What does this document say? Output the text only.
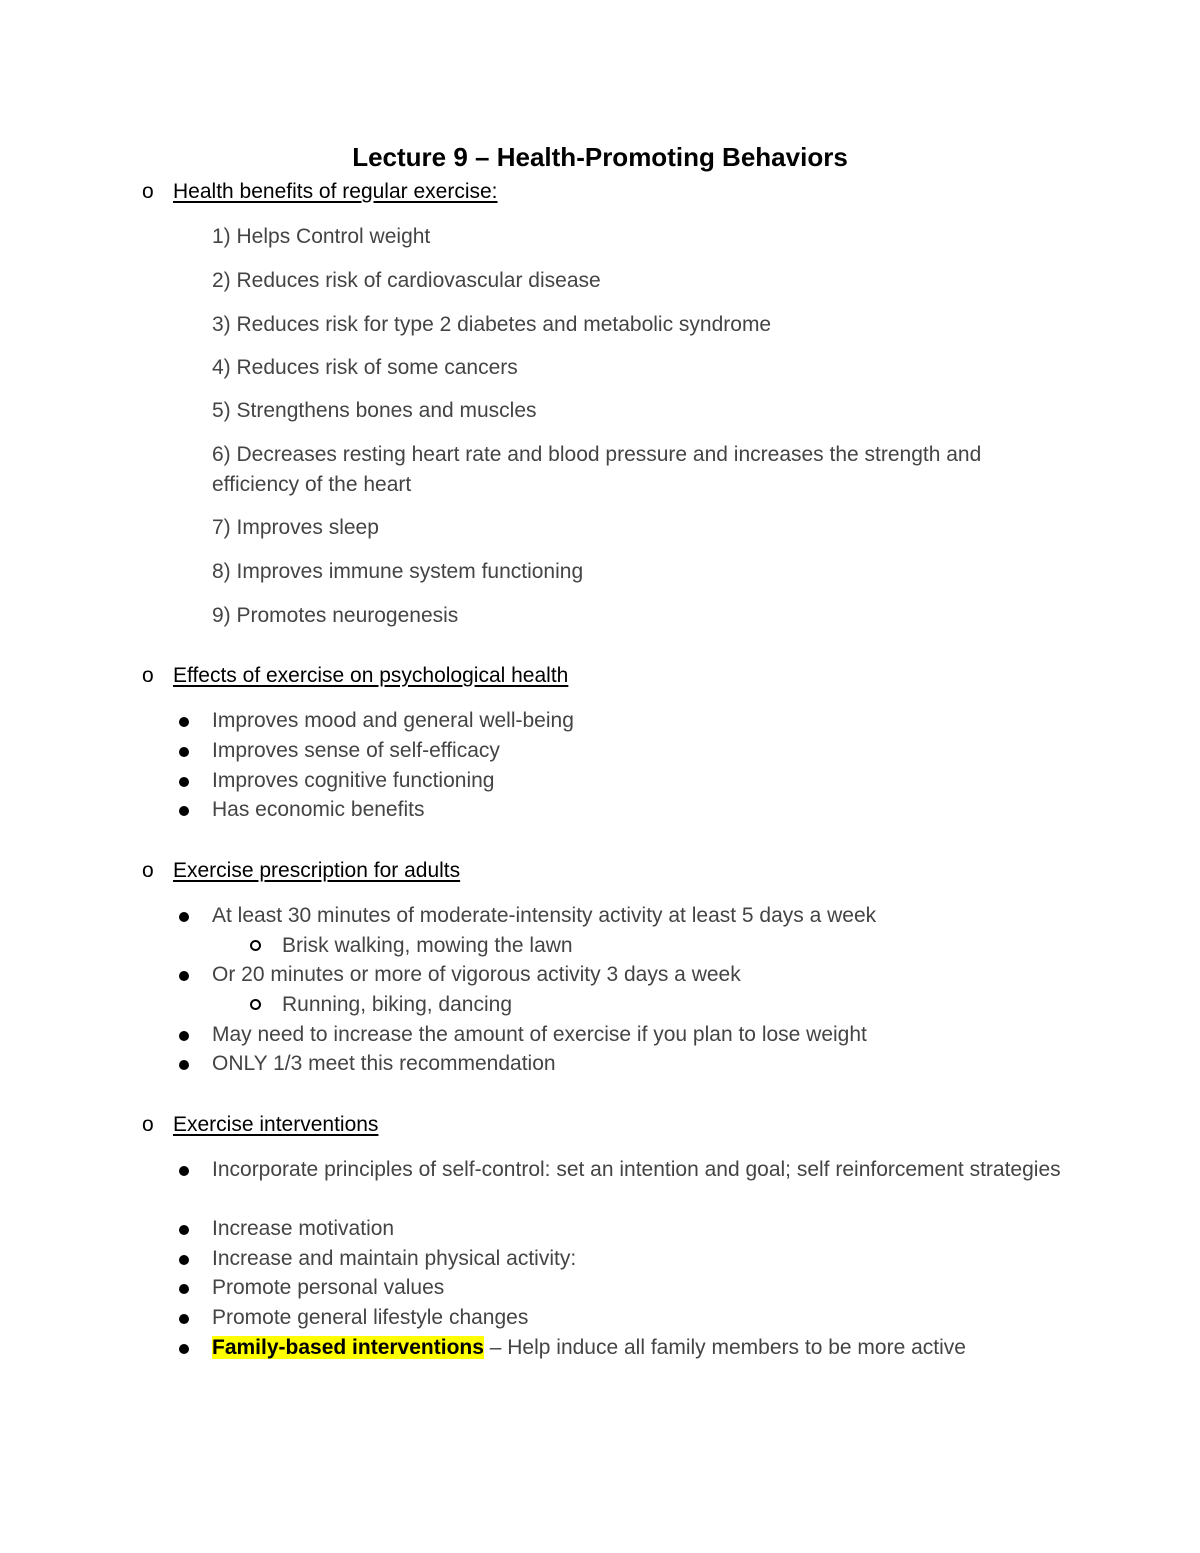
Lecture 9 – Health-Promoting Behaviors
o Health benefits of regular exercise:
1) Helps Control weight
2) Reduces risk of cardiovascular disease
3) Reduces risk for type 2 diabetes and metabolic syndrome
4) Reduces risk of some cancers
5) Strengthens bones and muscles
6) Decreases resting heart rate and blood pressure and increases the strength and efficiency of the heart
7) Improves sleep
8) Improves immune system functioning
9) Promotes neurogenesis
o Effects of exercise on psychological health
Improves mood and general well-being
Improves sense of self-efficacy
Improves cognitive functioning
Has economic benefits
o Exercise prescription for adults
At least 30 minutes of moderate-intensity activity at least 5 days a week
Brisk walking, mowing the lawn
Or 20 minutes or more of vigorous activity 3 days a week
Running, biking, dancing
May need to increase the amount of exercise if you plan to lose weight
ONLY 1/3 meet this recommendation
o Exercise interventions
Incorporate principles of self-control: set an intention and goal; self reinforcement strategies
Increase motivation
Increase and maintain physical activity:
Promote personal values
Promote general lifestyle changes
Family-based interventions – Help induce all family members to be more active
